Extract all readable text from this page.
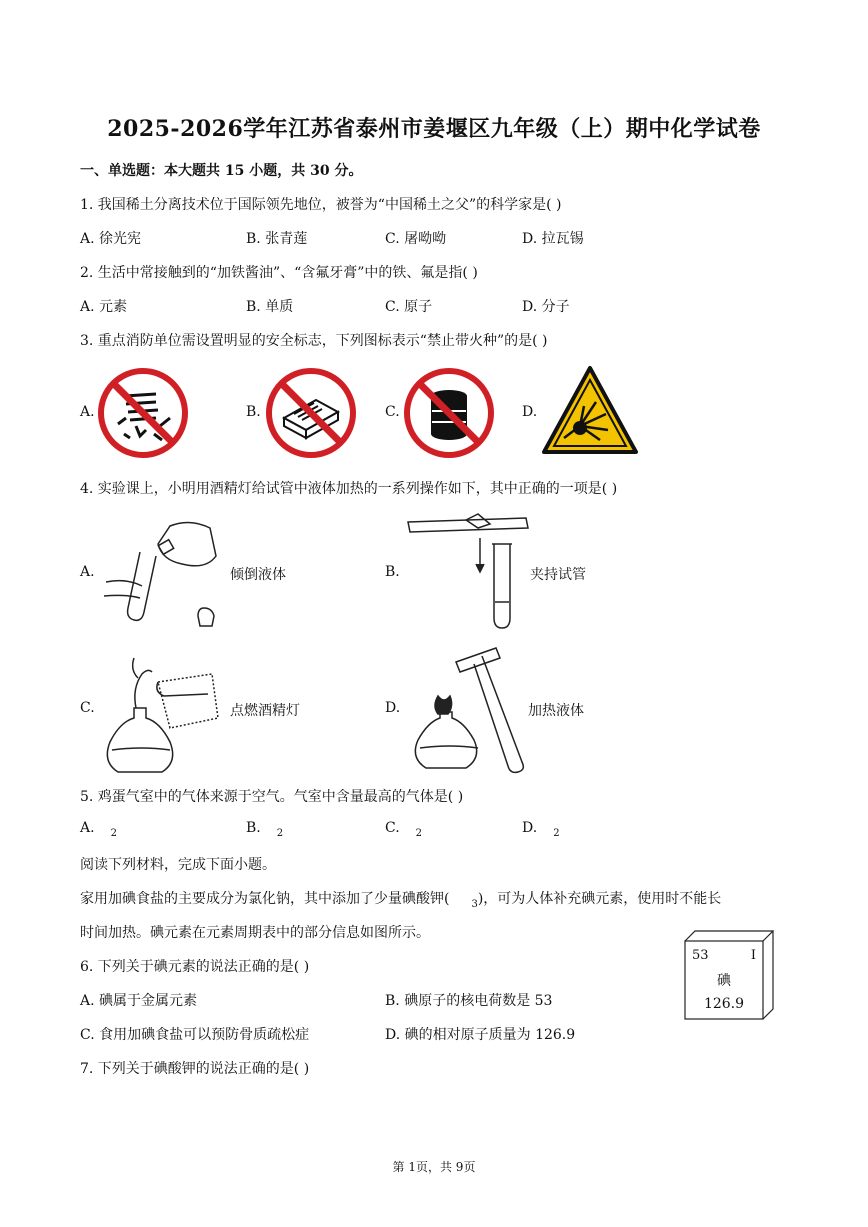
2025-2026学年江苏省泰州市姜堰区九年级（上）期中化学试卷
一、单选题：本大题共 15 小题，共 30 分。
1. 我国稀土分离技术位于国际领先地位，被誉为“中国稀土之父”的科学家是( )
A. 徐光宪	B. 张青莲	C. 屠呦呦	D. 拉瓦锡
2. 生活中常接触到的“加铁酱油”、“含氟牙膏”中的铁、氟是指( )
A. 元素	B. 单质	C. 原子	D. 分子
3. 重点消防单位需设置明显的安全标志，下列图标表示“禁止带火种”的是( )
A.	B.	C.	D.
4. 实验课上，小明用酒精灯给试管中液体加热的一系列操作如下，其中正确的一项是( )
A.	倾倒液体	B.	夹持试管
C.	点燃酒精灯	D.	加热液体
5. 鸡蛋气室中的气体来源于空气。气室中含量最高的气体是( )
A. $_2$	B. $_2$	C. $_2$	D. $_2$
阅读下列材料，完成下面小题。
家用加碘食盐的主要成分为氯化钠，其中添加了少量碘酸钾( $_3$)，可为人体补充碘元素，使用时不能长
时间加热。碘元素在元素周期表中的部分信息如图所示。
53	I
碘
126.9
6. 下列关于碘元素的说法正确的是( )
A. 碘属于金属元素	B. 碘原子的核电荷数是 53
C. 食用加碘食盐可以预防骨质疏松症	D. 碘的相对原子质量为 126.9
7. 下列关于碘酸钾的说法正确的是( )
第 1页，共 9页
